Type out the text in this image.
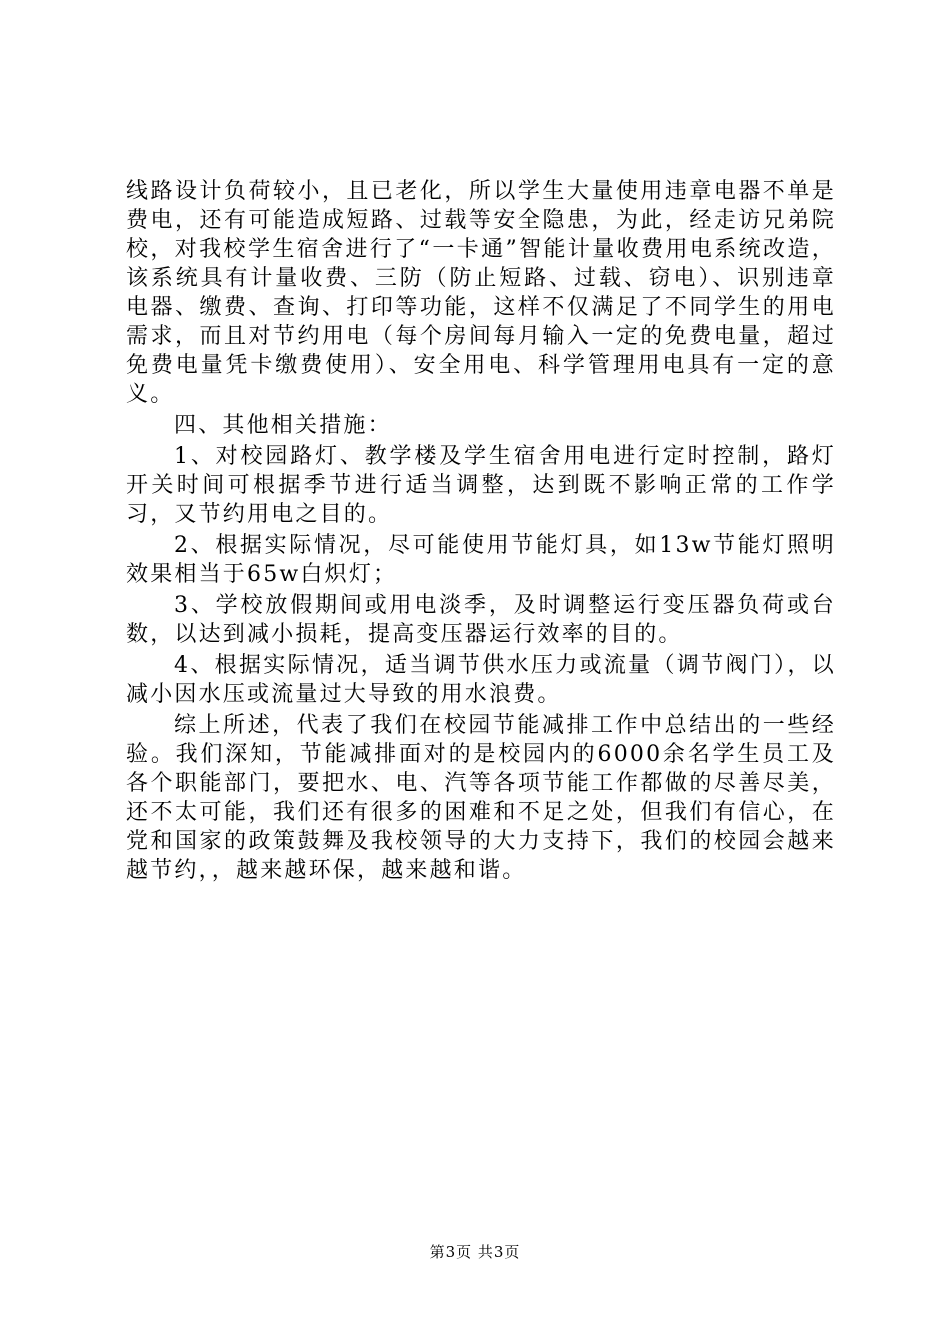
线路设计负荷较小，且已老化，所以学生大量使用违章电器不单是费电，还有可能造成短路、过载等安全隐患，为此，经走访兄弟院校，对我校学生宿舍进行了“一卡通”智能计量收费用电系统改造，该系统具有计量收费、三防（防止短路、过载、窃电）、识别违章电器、缴费、查询、打印等功能，这样不仅满足了不同学生的用电需求，而且对节约用电（每个房间每月输入一定的免费电量，超过免费电量凭卡缴费使用）、安全用电、科学管理用电具有一定的意义。

四、其他相关措施：

1、对校园路灯、教学楼及学生宿舍用电进行定时控制，路灯开关时间可根据季节进行适当调整，达到既不影响正常的工作学习，又节约用电之目的。

2、根据实际情况，尽可能使用节能灯具，如13w节能灯照明效果相当于65w白炽灯；

3、学校放假期间或用电淡季，及时调整运行变压器负荷或台数，以达到减小损耗，提高变压器运行效率的目的。

4、根据实际情况，适当调节供水压力或流量（调节阀门），以减小因水压或流量过大导致的用水浪费。

综上所述，代表了我们在校园节能减排工作中总结出的一些经验。我们深知，节能减排面对的是校园内的6000余名学生员工及各个职能部门，要把水、电、汽等各项节能工作都做的尽善尽美，还不太可能，我们还有很多的困难和不足之处，但我们有信心，在党和国家的政策鼓舞及我校领导的大力支持下，我们的校园会越来越节约，，越来越环保，越来越和谐。

第3页 共3页
